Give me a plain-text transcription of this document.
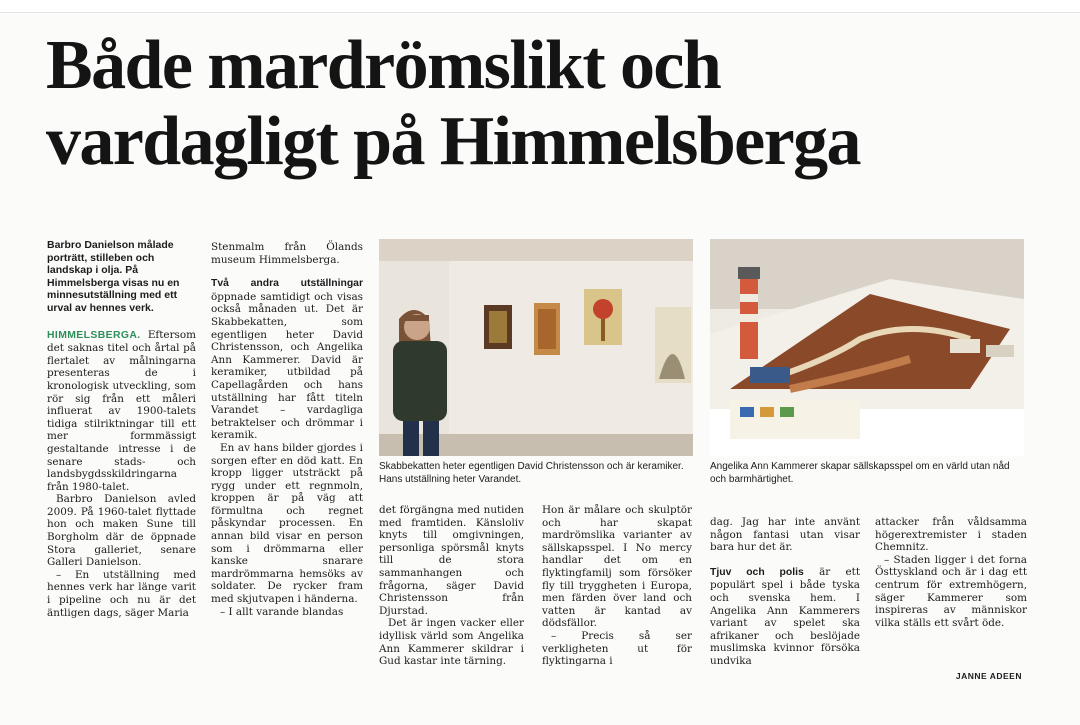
Både mardrömslikt och
vardagligt på Himmelsberga

Barbro Danielson målade porträtt, stilleben och landskap i olja. På Himmelsberga visas nu en minnesutställning med ett urval av hennes verk.

HIMMELSBERGA. Eftersom det saknas titel och årtal på flertalet av målningarna presenteras de i kronologisk utveckling, som rör sig från ett måleri influerat av 1900-talets tidiga stilriktningar till ett mer formmässigt gestaltande intresse i de senare stads- och landsbygdsskildringarna från 1980-talet.

Barbro Danielson avled 2009. På 1960-talet flyttade hon och maken Sune till Borgholm där de öppnade Stora galleriet, senare Galleri Danielson.

– En utställning med hennes verk har länge varit i pipeline och nu är det äntligen dags, säger Maria

Stenmalm från Ölands museum Himmelsberga.

Två andra utställningar öppnade samtidigt och visas också månaden ut. Det är Skabbekatten, som egentligen heter David Christensson, och Angelika Ann Kammerer. David är keramiker, utbildad på Capellagården och hans utställning har fått titeln Varandet – vardagliga betraktelser och drömmar i keramik.

En av hans bilder gjordes i sorgen efter en död katt. En kropp ligger utsträckt på rygg under ett regnmoln, kroppen är på väg att förmultna och regnet påskyndar processen. En annan bild visar en person som i drömmarna eller kanske snarare mardrömmarna hemsöks av soldater. De rycker fram med skjutvapen i händerna.

– I allt varande blandas

Skabbekatten heter egentligen David Christensson och är keramiker. Hans utställning heter Varandet.
Angelika Ann Kammerer skapar sällskapsspel om en värld utan nåd och barmhärtighet.

det förgängna med nutiden med framtiden. Känsloliv knyts till omgivningen, personliga spörsmål knyts till de stora sammanhangen och frågorna, säger David Christensson från Djurstad.

Det är ingen vacker eller idyllisk värld som Angelika Ann Kammerer skildrar i Gud kastar inte tärning.

Hon är målare och skulptör och har skapat mardrömslika varianter av sällskapsspel. I No mercy handlar det om en flyktingfamilj som försöker fly till tryggheten i Europa, men färden över land och vatten är kantad av dödsfällor.

– Precis så ser verkligheten ut för flyktingarna i

dag. Jag har inte använt någon fantasi utan visar bara hur det är.

Tjuv och polis är ett populärt spel i både tyska och svenska hem. I Angelika Ann Kammerers variant av spelet ska afrikaner och beslöjade muslimska kvinnor försöka undvika

attacker från våldsamma högerextremister i staden Chemnitz.

– Staden ligger i det forna Östtyskland och är i dag ett centrum för extremhögern, säger Kammerer som inspireras av människor vilka ställs ett svårt öde.

JANNE ADEEN
